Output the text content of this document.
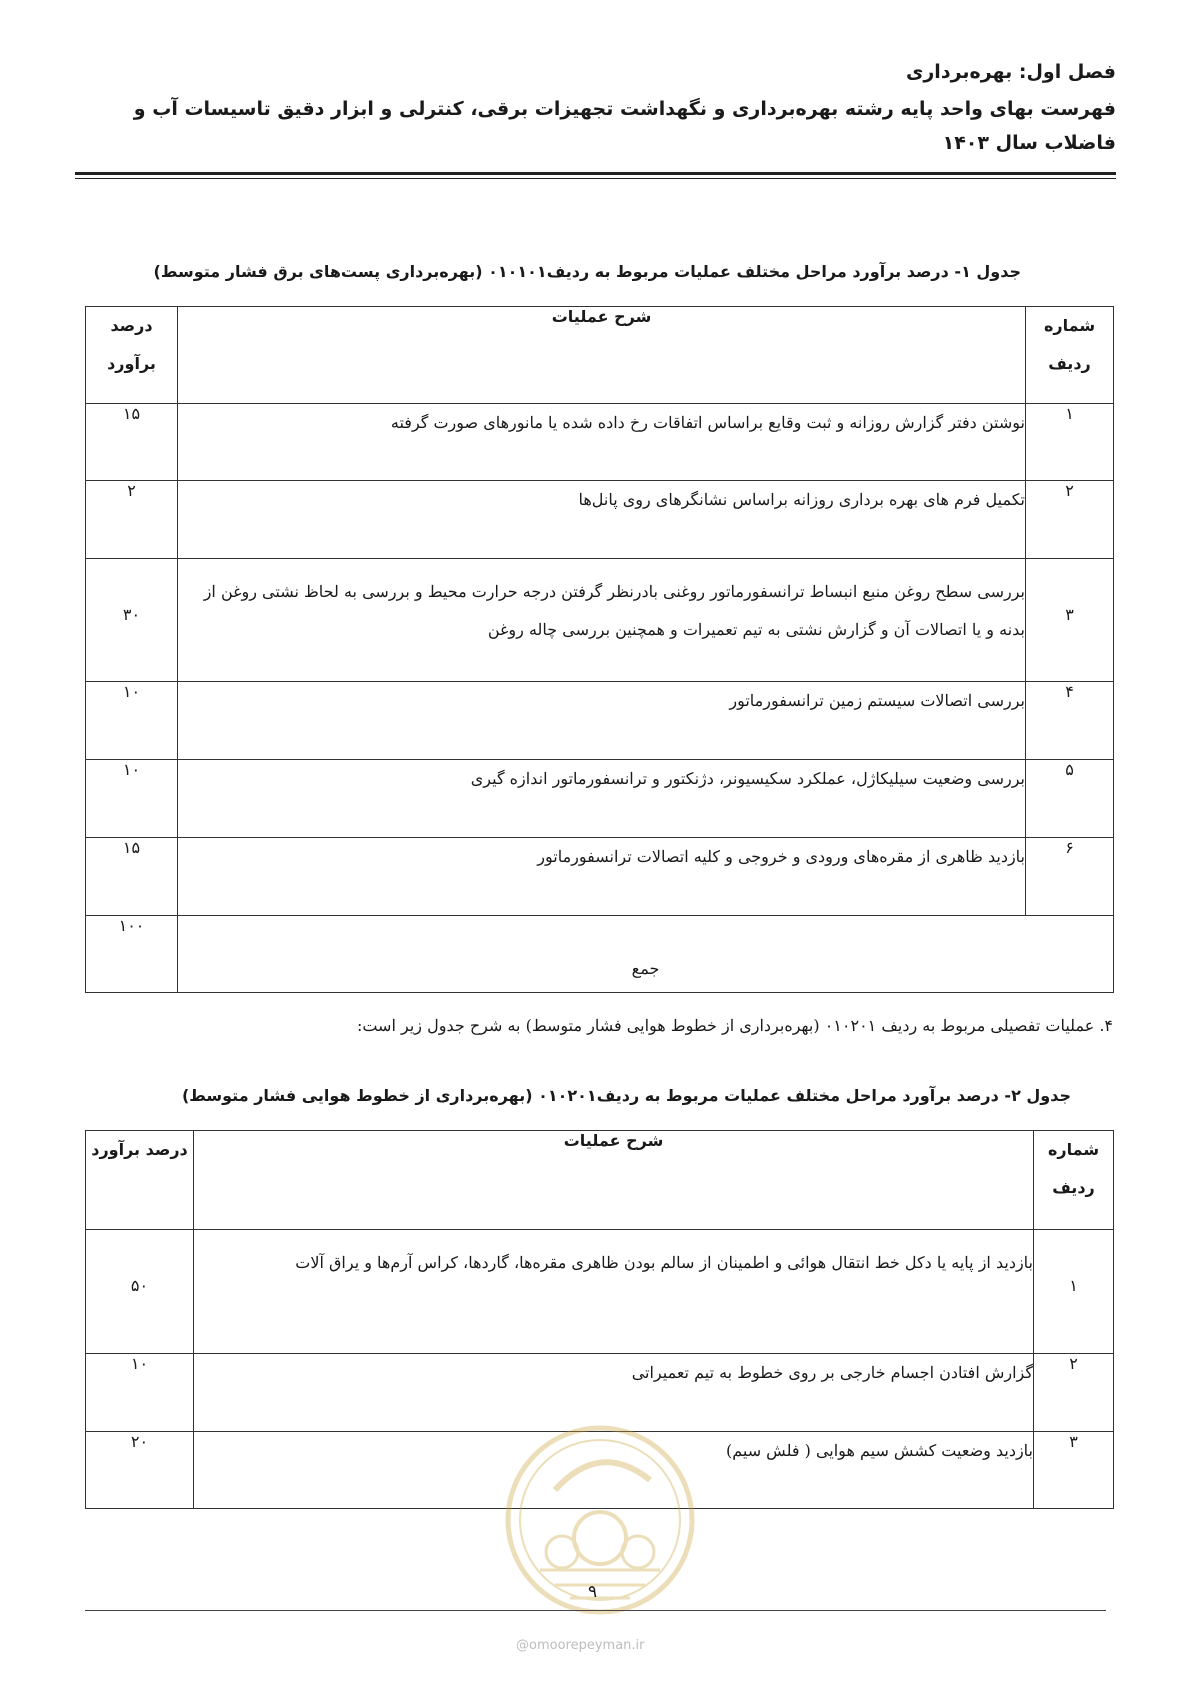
فصل اول: بهره‌برداری

فهرست بهای واحد پایه رشته بهره‌برداری و نگهداشت تجهیزات برقی، کنترلی و ابزار دقیق تاسیسات آب و فاضلاب سال ۱۴۰۳

جدول ۱- درصد برآورد مراحل مختلف عملیات مربوط به ردیف۰۱۰۱۰۱ (بهره‌برداری پست‌های برق فشار متوسط)
شماره ردیف	شرح عملیات	درصد برآورد
۱	نوشتن دفتر گزارش روزانه و ثبت وقایع براساس اتفاقات رخ داده شده یا مانورهای صورت گرفته	۱۵
۲	تکمیل فرم های بهره برداری روزانه براساس نشانگرهای روی پانل‌ها	۲
۳	بررسی سطح روغن منبع انبساط ترانسفورماتور روغنی بادرنظر گرفتن درجه حرارت محیط و بررسی به لحاظ نشتی روغن از بدنه و یا اتصالات آن و گزارش نشتی به تیم تعمیرات و همچنین بررسی چاله روغن	۳۰
۴	بررسی اتصالات سیستم زمین ترانسفورماتور	۱۰
۵	بررسی وضعیت سیلیکاژل، عملکرد سکیسیونر، دژنکتور و ترانسفورماتور اندازه گیری	۱۰
۶	بازدید ظاهری از مقره‌های ورودی و خروجی و کلیه اتصالات ترانسفورماتور	۱۵
جمع		۱۰۰
۴. عملیات تفصیلی مربوط به ردیف ۰۱۰۲۰۱ (بهره‌برداری از خطوط هوایی فشار متوسط) به شرح جدول زیر است:
جدول ۲- درصد برآورد مراحل مختلف عملیات مربوط به ردیف۰۱۰۲۰۱ (بهره‌برداری از خطوط هوایی فشار متوسط)
شماره ردیف	شرح عملیات	درصد برآورد
۱	بازدید از پایه یا دکل خط انتقال هوائی و اطمینان از سالم بودن ظاهری مقره‌ها، گاردها، کراس آرم‌ها و یراق آلات	۵۰
۲	گزارش افتادن اجسام خارجی بر روی خطوط به تیم تعمیراتی	۱۰
۳	بازدید وضعیت کشش سیم هوایی ( فلش سیم)	۲۰
۹
@omoorepeyman.ir
